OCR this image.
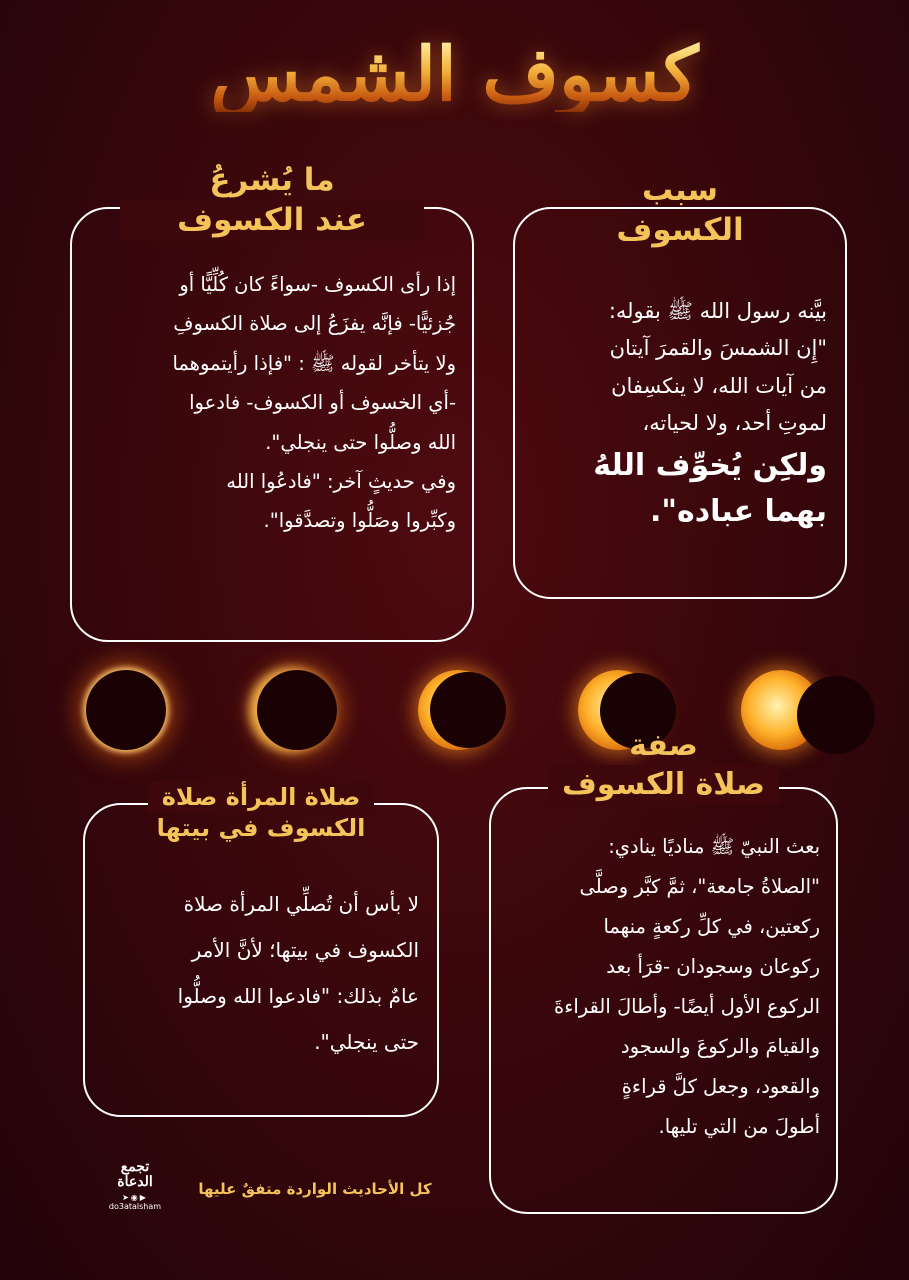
كسوف الشمس

بيَّنه رسول الله ﷺ بقوله:

"إِن الشمسَ والقمرَ آيتان

من آيات الله، لا ينكسِفان

لموتِ أحد، ولا لحياته،

ولكِن يُخوِّف اللهُ

بهما عباده".

سبب
الكسوف

إذا رأى الكسوف -سواءً كان كُلِّيًّا أو

جُزئيًّا- فإنَّه يفزَعُ إلى صلاة الكسوفِ

ولا يتأخر لقوله ﷺ : "فإذا رأيتموهما

-أي الخسوف أو الكسوف- فادعوا

الله وصلُّوا حتى ينجلي".

وفي حديثٍ آخر: "فادعُوا الله

وكبِّروا وصَلُّوا وتصدَّقوا".

ما يُشرعُ
عند الكسوف

بعث النبيّ ﷺ مناديًا ينادي:

"الصلاةُ جامعة"، ثمَّ كبَّر وصلَّى

ركعتين، في كلِّ ركعةٍ منهما

ركوعان وسجودان -قرَأ بعد

الركوع الأول أيضًا- وأطالَ القراءةَ

والقيامَ والركوعَ والسجود

والقعود، وجعل كلَّ قراءةٍ

أطولَ من التي تليها.

صفة
صلاة الكسوف

لا بأس أن تُصلِّي المرأة صلاة

الكسوف في بيتها؛ لأنَّ الأمر

عامٌ بذلك: "فادعوا الله وصلُّوا

حتى ينجلي".

صلاة المرأة صلاة
الكسوف في بيتها
كل الأحاديث الواردة متفقٌ عليها
تجمع الدعاة
➤◉▶
do3atalsham
